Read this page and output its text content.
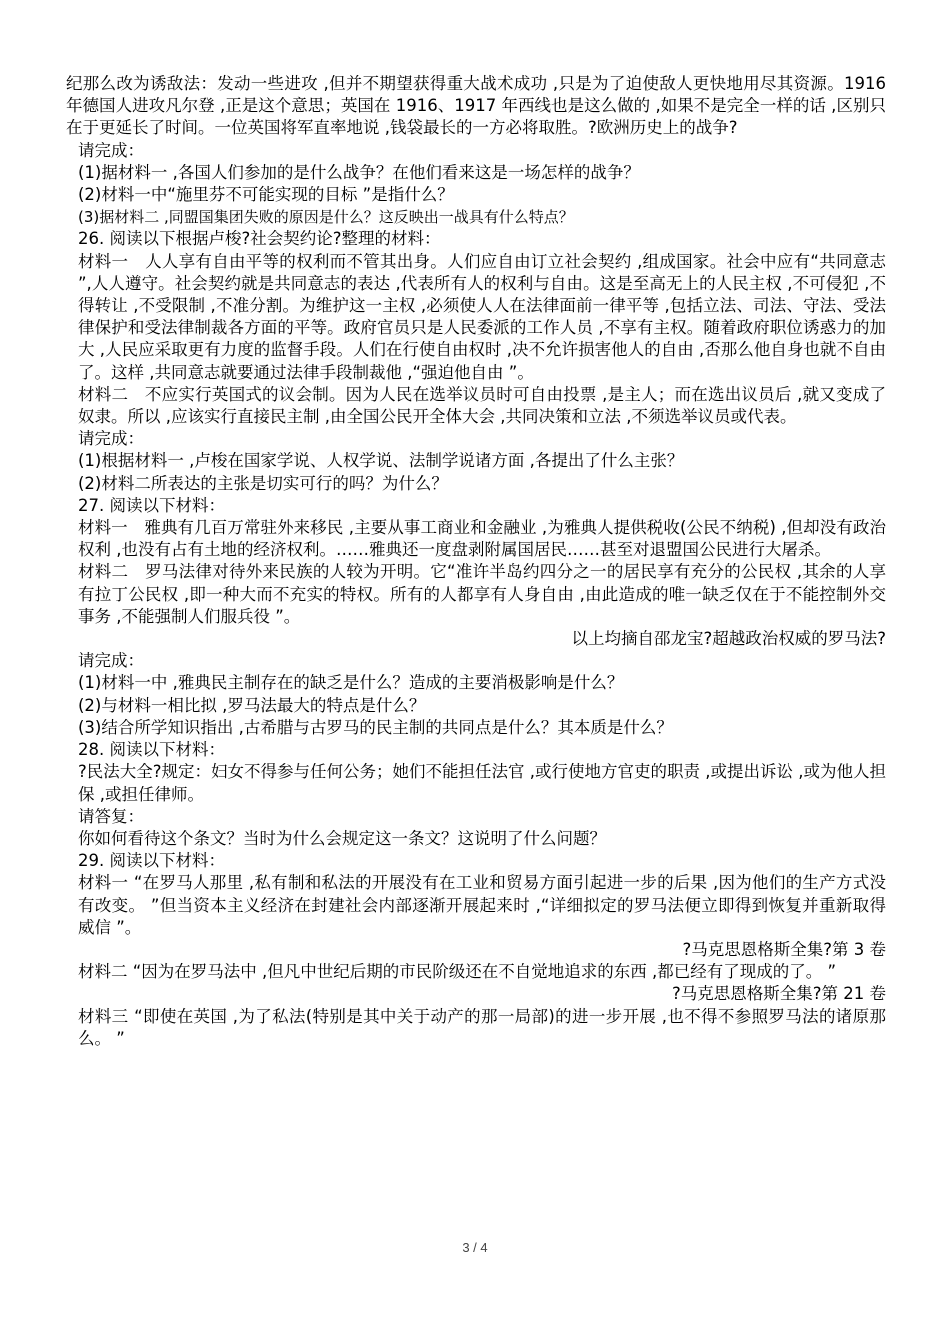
纪那么改为诱敌法：发动一些进攻 ,但并不期望获得重大战术成功 ,只是为了迫使敌人更快地用尽其资源。1916 年德国人进攻凡尔登 ,正是这个意思；英国在 1916、1917 年西线也是这么做的 ,如果不是完全一样的话 ,区别只在于更延长了时间。一位英国将军直率地说 ,钱袋最长的一方必将取胜。?欧洲历史上的战争?

请完成：

(1)据材料一 ,各国人们参加的是什么战争？在他们看来这是一场怎样的战争？

(2)材料一中“施里芬不可能实现的目标 ”是指什么？

(3)据材料二 ,同盟国集团失败的原因是什么？这反映出一战具有什么特点？

26. 阅读以下根据卢梭?社会契约论?整理的材料：

材料一　人人享有自由平等的权利而不管其出身。人们应自由订立社会契约 ,组成国家。社会中应有“共同意志 ”,人人遵守。社会契约就是共同意志的表达 ,代表所有人的权利与自由。这是至高无上的人民主权 ,不可侵犯 ,不得转让 ,不受限制 ,不准分割。为维护这一主权 ,必须使人人在法律面前一律平等 ,包括立法、司法、守法、受法律保护和受法律制裁各方面的平等。政府官员只是人民委派的工作人员 ,不享有主权。随着政府职位诱惑力的加大 ,人民应采取更有力度的监督手段。人们在行使自由权时 ,决不允许损害他人的自由 ,否那么他自身也就不自由了。这样 ,共同意志就要通过法律手段制裁他 ,“强迫他自由 ”。

材料二　不应实行英国式的议会制。因为人民在选举议员时可自由投票 ,是主人；而在选出议员后 ,就又变成了奴隶。所以 ,应该实行直接民主制 ,由全国公民开全体大会 ,共同决策和立法 ,不须选举议员或代表。

请完成：

(1)根据材料一 ,卢梭在国家学说、人权学说、法制学说诸方面 ,各提出了什么主张？

(2)材料二所表达的主张是切实可行的吗？为什么？

27. 阅读以下材料：

材料一　雅典有几百万常驻外来移民 ,主要从事工商业和金融业 ,为雅典人提供税收(公民不纳税) ,但却没有政治权利 ,也没有占有土地的经济权利。……雅典还一度盘剥附属国居民……甚至对退盟国公民进行大屠杀。

材料二　罗马法律对待外来民族的人较为开明。它“准许半岛约四分之一的居民享有充分的公民权 ,其余的人享有拉丁公民权 ,即一种大而不充实的特权。所有的人都享有人身自由 ,由此造成的唯一缺乏仅在于不能控制外交事务 ,不能强制人们服兵役 ”。

以上均摘自邵龙宝?超越政治权威的罗马法?

请完成：

(1)材料一中 ,雅典民主制存在的缺乏是什么？造成的主要消极影响是什么？

(2)与材料一相比拟 ,罗马法最大的特点是什么？

(3)结合所学知识指出 ,古希腊与古罗马的民主制的共同点是什么？其本质是什么？

28. 阅读以下材料：

?民法大全?规定：妇女不得参与任何公务；她们不能担任法官 ,或行使地方官吏的职责 ,或提出诉讼 ,或为他人担保 ,或担任律师。

请答复：

你如何看待这个条文？当时为什么会规定这一条文？这说明了什么问题？

29. 阅读以下材料：

材料一 “在罗马人那里 ,私有制和私法的开展没有在工业和贸易方面引起进一步的后果 ,因为他们的生产方式没有改变。 ”但当资本主义经济在封建社会内部逐渐开展起来时 ,“详细拟定的罗马法便立即得到恢复并重新取得威信 ”。

?马克思恩格斯全集?第 3 卷

材料二 “因为在罗马法中 ,但凡中世纪后期的市民阶级还在不自觉地追求的东西 ,都已经有了现成的了。 ”

?马克思恩格斯全集?第 21 卷

材料三 “即使在英国 ,为了私法(特别是其中关于动产的那一局部)的进一步开展 ,也不得不参照罗马法的诸原那么。 ”

3 / 4
